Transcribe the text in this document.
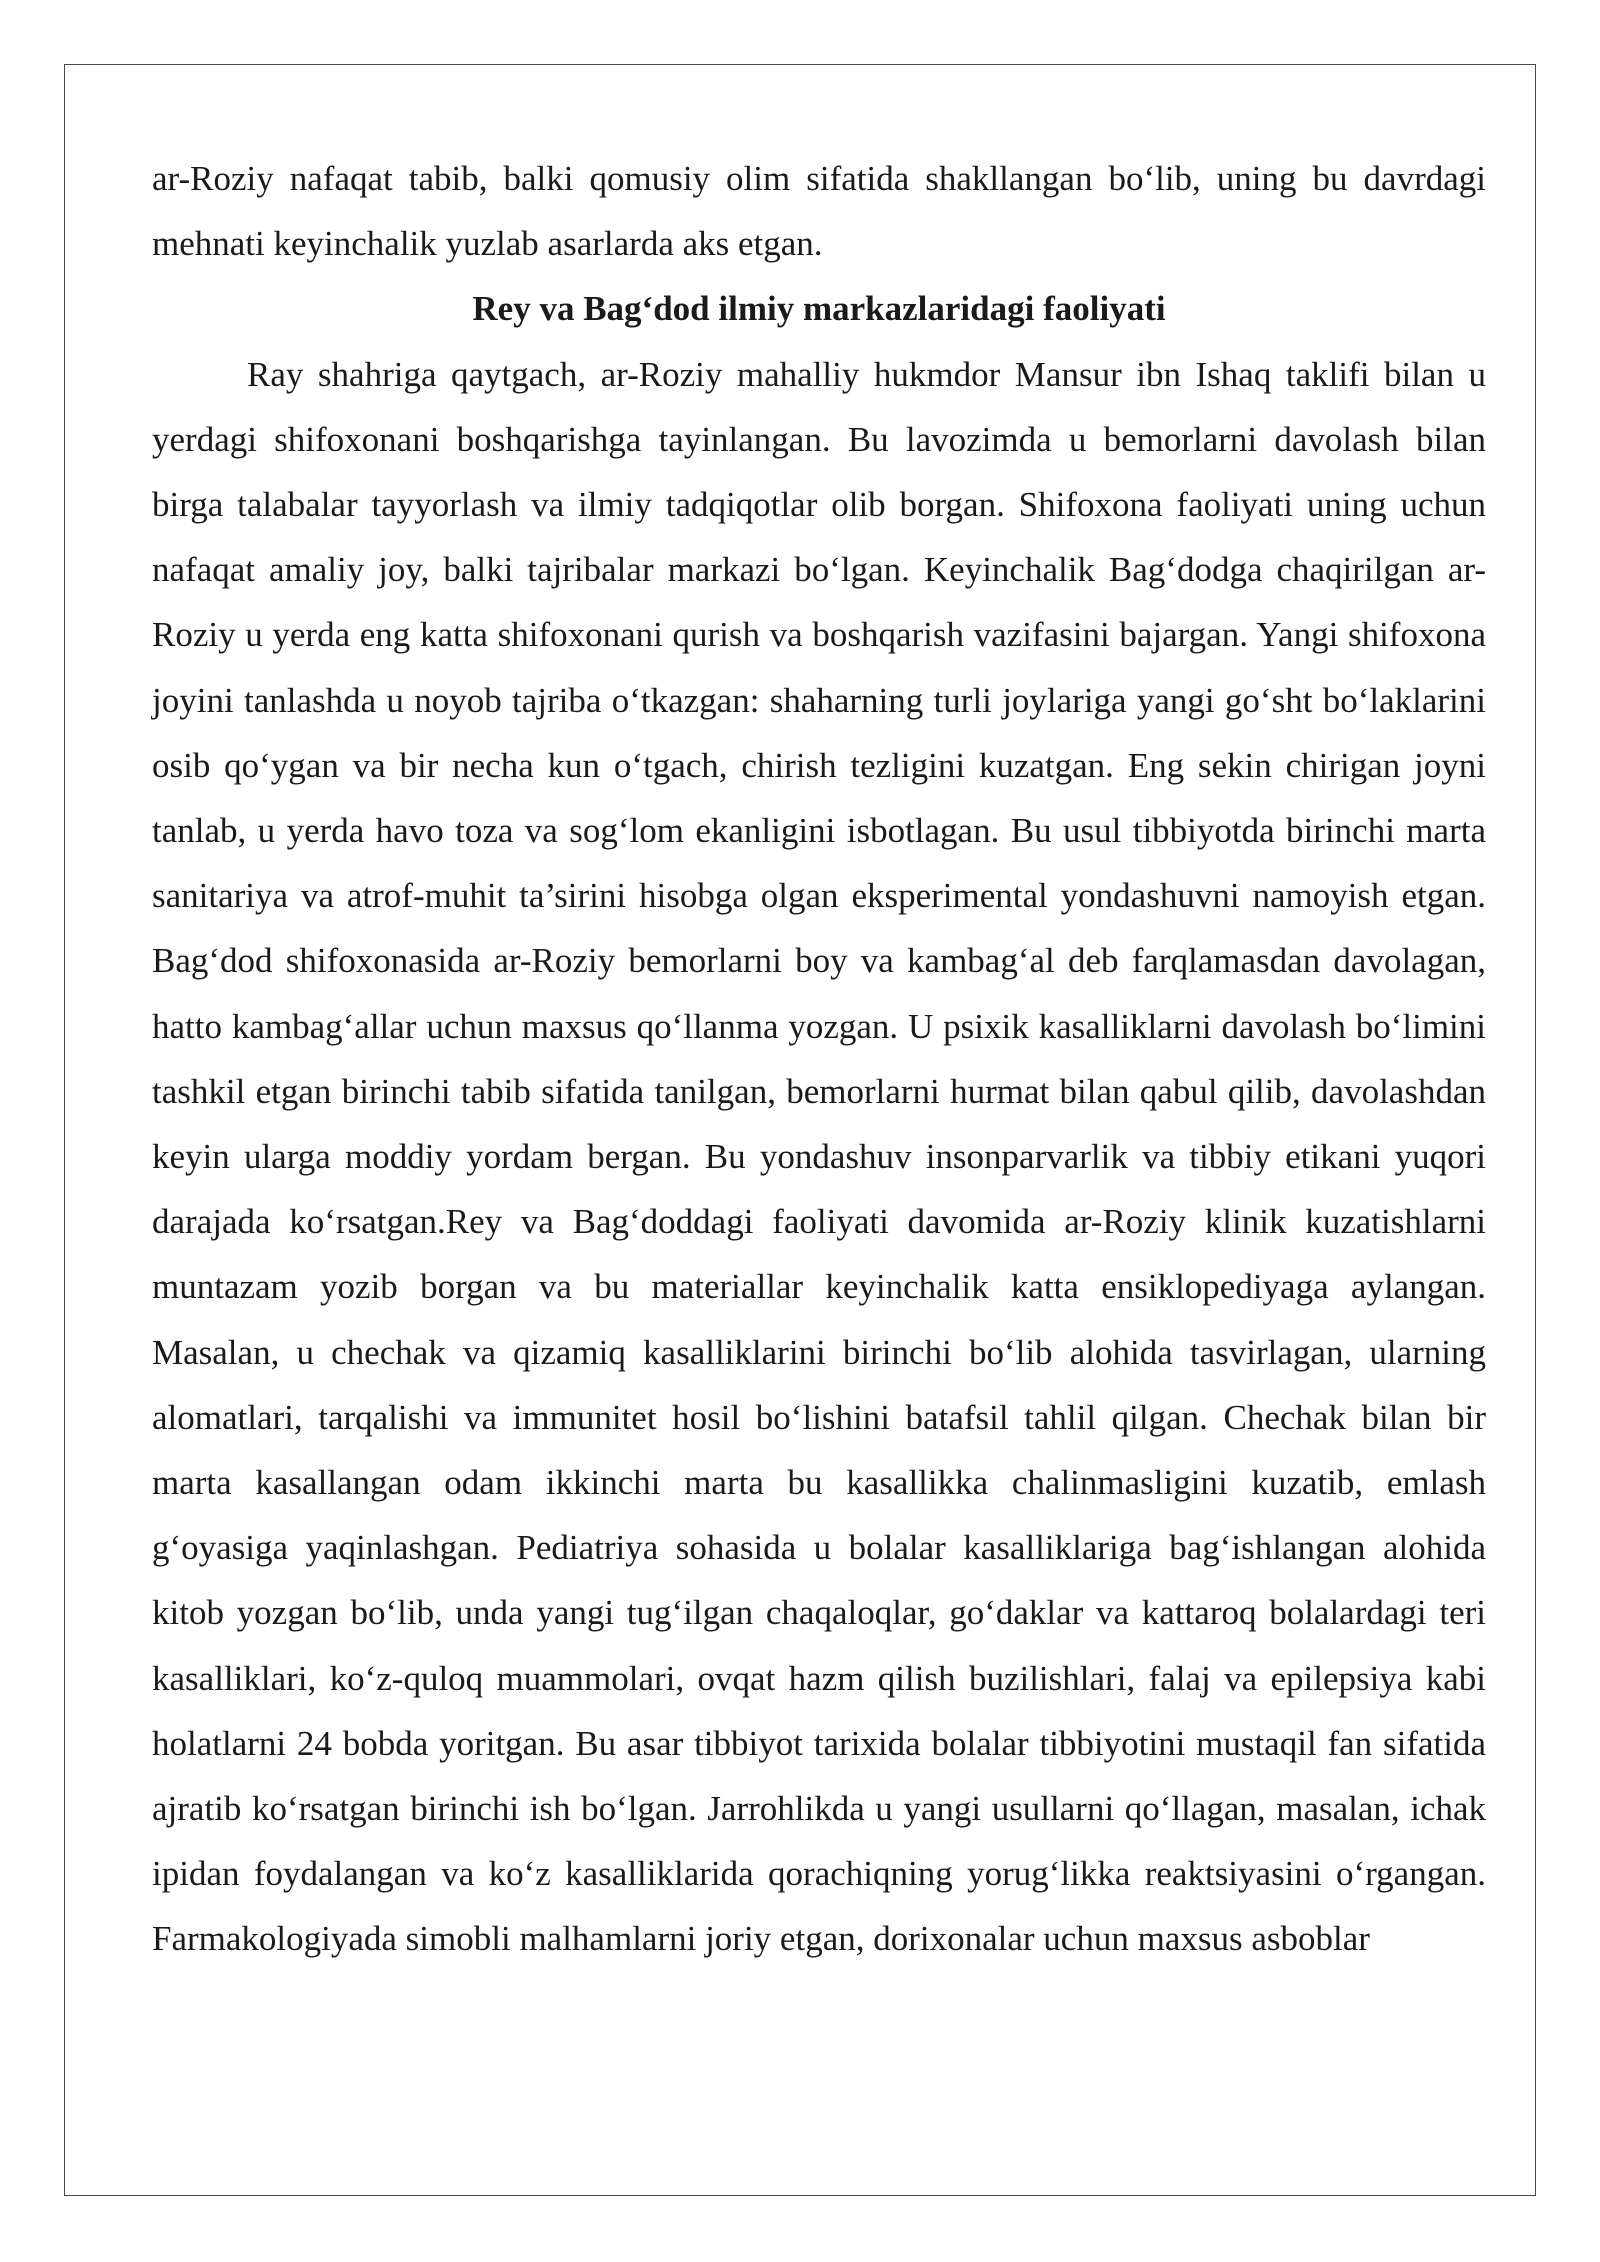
ar-Roziy nafaqat tabib, balki qomusiy olim sifatida shakllangan bo‘lib, uning bu davrdagi mehnati keyinchalik yuzlab asarlarda aks etgan.

Rey va Bag‘dod ilmiy markazlaridagi faoliyati

Ray shahriga qaytgach, ar-Roziy mahalliy hukmdor Mansur ibn Ishaq taklifi bilan u yerdagi shifoxonani boshqarishga tayinlangan. Bu lavozimda u bemorlarni davolash bilan birga talabalar tayyorlash va ilmiy tadqiqotlar olib borgan. Shifoxona faoliyati uning uchun nafaqat amaliy joy, balki tajribalar markazi bo‘lgan. Keyinchalik Bag‘dodga chaqirilgan ar-Roziy u yerda eng katta shifoxonani qurish va boshqarish vazifasini bajargan. Yangi shifoxona joyini tanlashda u noyob tajriba o‘tkazgan: shaharning turli joylariga yangi go‘sht bo‘laklarini osib qo‘ygan va bir necha kun o‘tgach, chirish tezligini kuzatgan. Eng sekin chirigan joyni tanlab, u yerda havo toza va sog‘lom ekanligini isbotlagan. Bu usul tibbiyotda birinchi marta sanitariya va atrof-muhit ta’sirini hisobga olgan eksperimental yondashuvni namoyish etgan. Bag‘dod shifoxonasida ar-Roziy bemorlarni boy va kambag‘al deb farqlamasdan davolagan, hatto kambag‘allar uchun maxsus qo‘llanma yozgan. U psixik kasalliklarni davolash bo‘limini tashkil etgan birinchi tabib sifatida tanilgan, bemorlarni hurmat bilan qabul qilib, davolashdan keyin ularga moddiy yordam bergan. Bu yondashuv insonparvarlik va tibbiy etikani yuqori darajada ko‘rsatgan.Rey va Bag‘doddagi faoliyati davomida ar-Roziy klinik kuzatishlarni muntazam yozib borgan va bu materiallar keyinchalik katta ensiklopediyaga aylangan. Masalan, u chechak va qizamiq kasalliklarini birinchi bo‘lib alohida tasvirlagan, ularning alomatlari, tarqalishi va immunitet hosil bo‘lishini batafsil tahlil qilgan. Chechak bilan bir marta kasallangan odam ikkinchi marta bu kasallikka chalinmasligini kuzatib, emlash g‘oyasiga yaqinlashgan. Pediatriya sohasida u bolalar kasalliklariga bag‘ishlangan alohida kitob yozgan bo‘lib, unda yangi tug‘ilgan chaqaloqlar, go‘daklar va kattaroq bolalardagi teri kasalliklari, ko‘z-quloq muammolari, ovqat hazm qilish buzilishlari, falaj va epilepsiya kabi holatlarni 24 bobda yoritgan. Bu asar tibbiyot tarixida bolalar tibbiyotini mustaqil fan sifatida ajratib ko‘rsatgan birinchi ish bo‘lgan. Jarrohlikda u yangi usullarni qo‘llagan, masalan, ichak ipidan foydalangan va ko‘z kasalliklarida qorachiqning yorug‘likka reaktsiyasini o‘rgangan. Farmakologiyada simobli malhamlarni joriy etgan, dorixonalar uchun maxsus asboblar
